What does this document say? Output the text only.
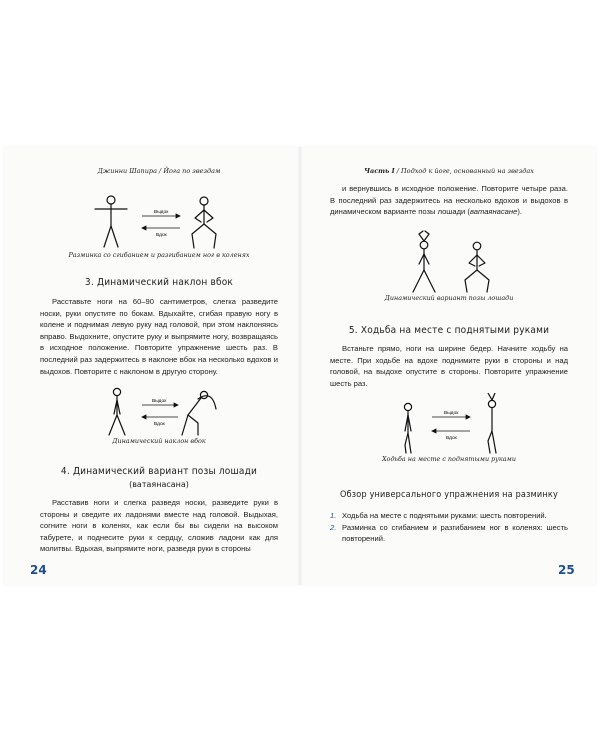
Джинни Шапира / Йога по звездам
Выдох
Вдох
Разминка со сгибанием и разгибанием ног в коленях
3. Динамический наклон вбок
Расставьте ноги на 60–90 сантиметров, слегка разведите носки, руки опустите по бокам. Вдыхайте, сгибая правую ногу в колене и поднимая левую руку над головой, при этом наклоняясь вправо. Выдохните, опустите руку и выпрямите ногу, возвращаясь в исходное положение. Повторите упражнение шесть раз. В последний раз задержитесь в наклоне вбок на несколько вдохов и выдохов. Повторите с наклоном в другую сторону.
Выдох
Вдох
Динамический наклон вбок
4. Динамический вариант позы лошади
(ватаянасана)
Расставив ноги и слегка разведя носки, разведите руки в стороны и сведите их ладонями вместе над головой. Выдыхая, согните ноги в коленях, как если бы вы сидели на высоком табурете, и поднесите руки к сердцу, сложив ладони как для молитвы. Вдыхая, выпрямите ноги, разведя руки в стороны
24
Часть I / Подход к йоге, основанный на звездах
и вернувшись в исходное положение. Повторите четыре раза. В последний раз задержитесь на несколько вдохов и выдохов в динамическом варианте позы лошади (ватаянасане).
Динамический вариант позы лошади
5. Ходьба на месте с поднятыми руками
Встаньте прямо, ноги на ширине бедер. Начните ходьбу на месте. При ходьбе на вдохе поднимите руки в стороны и над головой, на выдохе опустите в стороны. Повторите упражнение шесть раз.
Выдох
Вдох
Ходьба на месте с поднятыми руками
Обзор универсального упражнения на разминку
1. Ходьба на месте с поднятыми руками: шесть повторений.
2. Разминка со сгибанием и разгибанием ног в коленях: шесть повторений.
25
